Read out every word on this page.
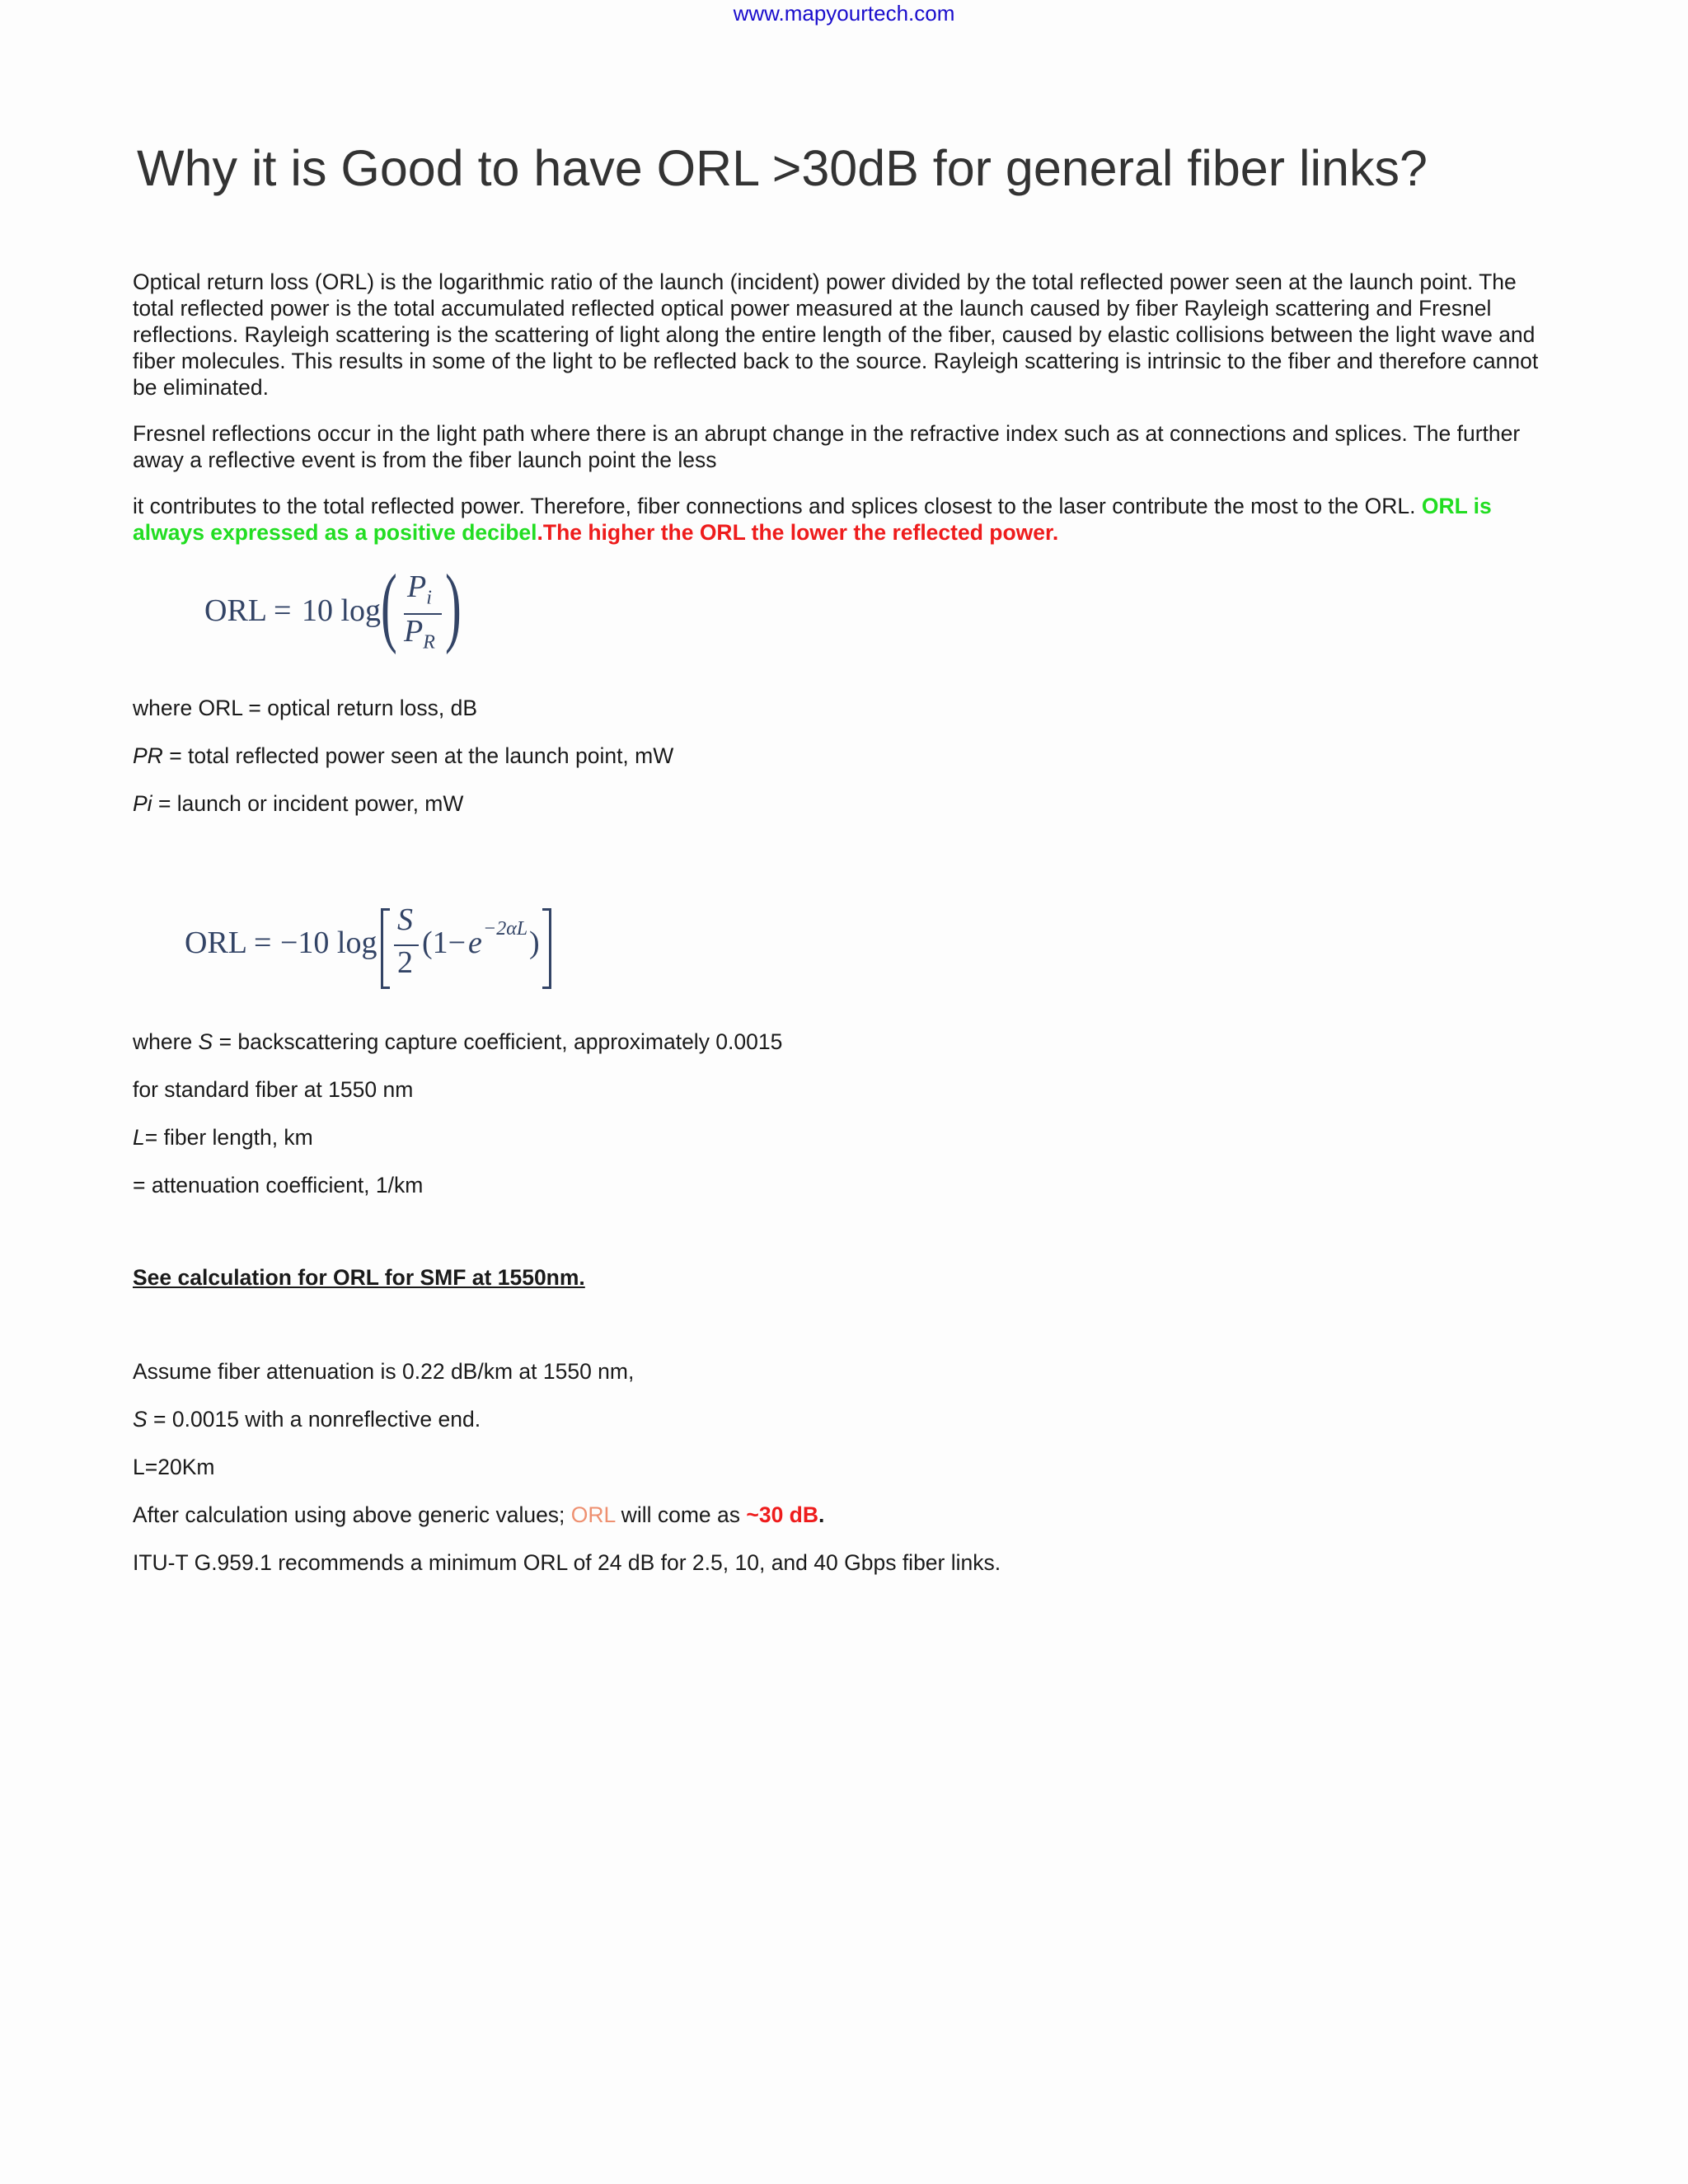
www.mapyourtech.com
Why it is Good to have ORL >30dB for general fiber links?

Optical return loss (ORL) is the logarithmic ratio of the launch (incident) power divided by the total reflected power seen at the launch point. The total reflected power is the total accumulated reflected optical power measured at the launch caused by fiber Rayleigh scattering and Fresnel reflections. Rayleigh scattering is the scattering of light along the entire length of the fiber, caused by elastic collisions between the light wave and fiber molecules. This results in some of the light to be reflected back to the source. Rayleigh scattering is intrinsic to the fiber and therefore cannot be eliminated.

Fresnel reflections occur in the light path where there is an abrupt change in the refractive index such as at connections and splices. The further away a reflective event is from the fiber launch point the less

it contributes to the total reflected power. Therefore, fiber connections and splices closest to the laser contribute the most to the ORL. ORL is always expressed as a positive decibel.The higher the ORL the lower the reflected power.

ORL = 10 log ( $P_i$
$P_R$ )

where ORL = optical return loss, dB

PR = total reflected power seen at the launch point, mW

Pi = launch or incident power, mW

ORL = −10 log
S
2
(1− e −2αL )

where S = backscattering capture coefficient, approximately 0.0015

for standard fiber at 1550 nm

L= fiber length, km

= attenuation coefficient, 1/km

See calculation for ORL for SMF at 1550nm.

Assume fiber attenuation is 0.22 dB/km at 1550 nm,

S = 0.0015 with a nonreflective end.

L=20Km

After calculation using above generic values; ORL will come as ~30 dB.

ITU-T G.959.1 recommends a minimum ORL of 24 dB for 2.5, 10, and 40 Gbps fiber links.
